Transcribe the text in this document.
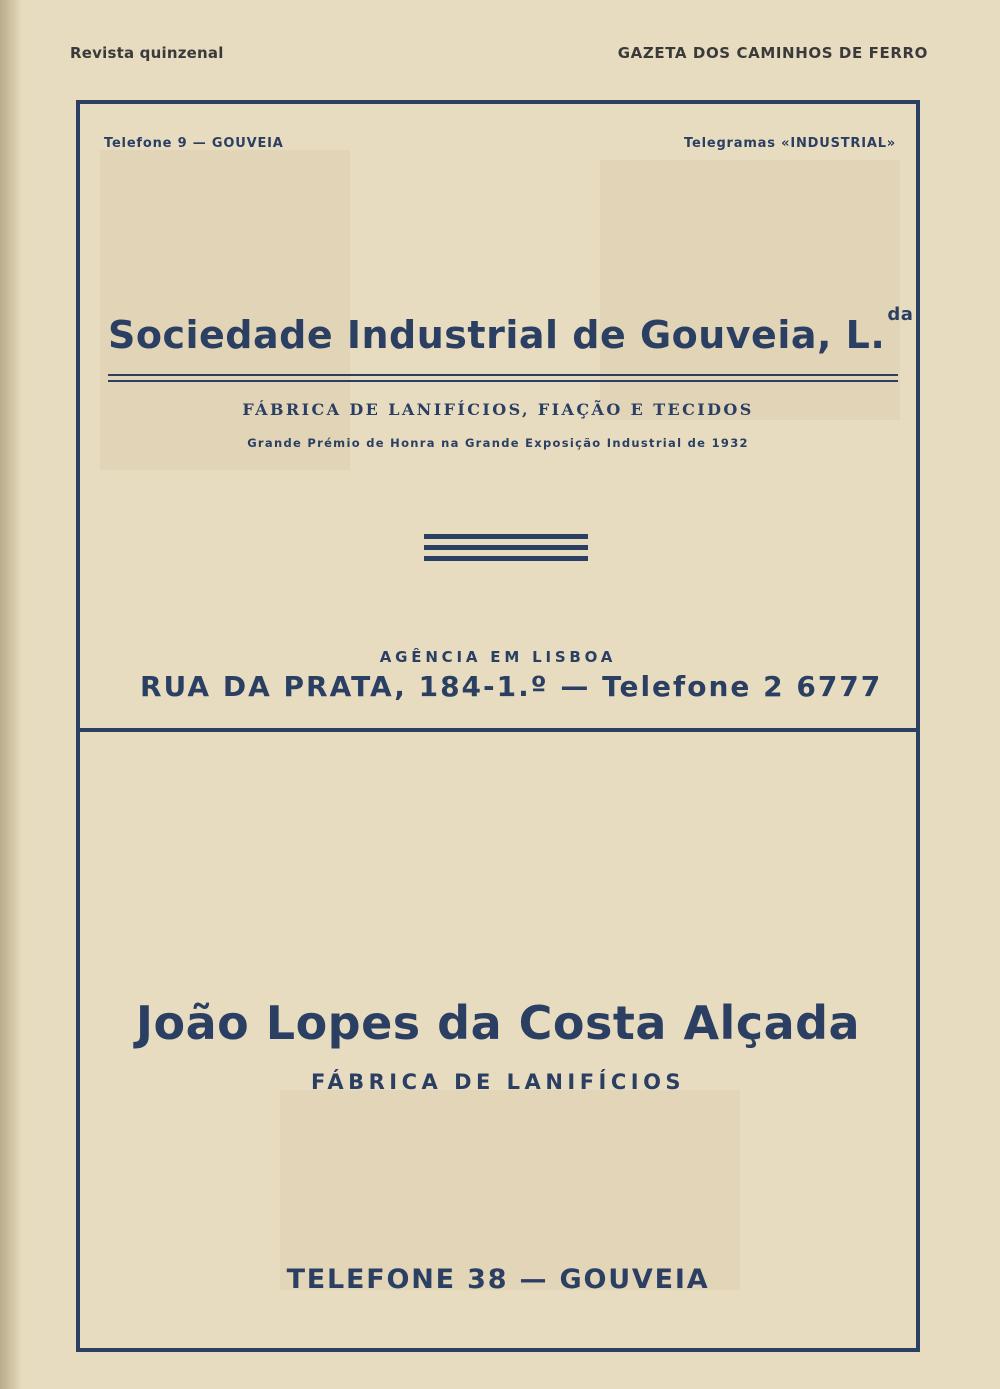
Revista quinzenal	GAZETA DOS CAMINHOS DE FERRO
Telefone 9 — GOUVEIA	Telegramas «INDUSTRIAL»
Sociedade Industrial de Gouveia, L. $^{da}$
FÁBRICA DE LANIFÍCIOS, FIAÇÃO E TECIDOS
Grande Prémio de Honra na Grande Exposição Industrial de 1932
AGÊNCIA EM LISBOA
RUA DA PRATA, 184-1.º — Telefone 2 6777
João Lopes da Costa Alçada
FÁBRICA DE LANIFÍCIOS
TELEFONE 38 — GOUVEIA
